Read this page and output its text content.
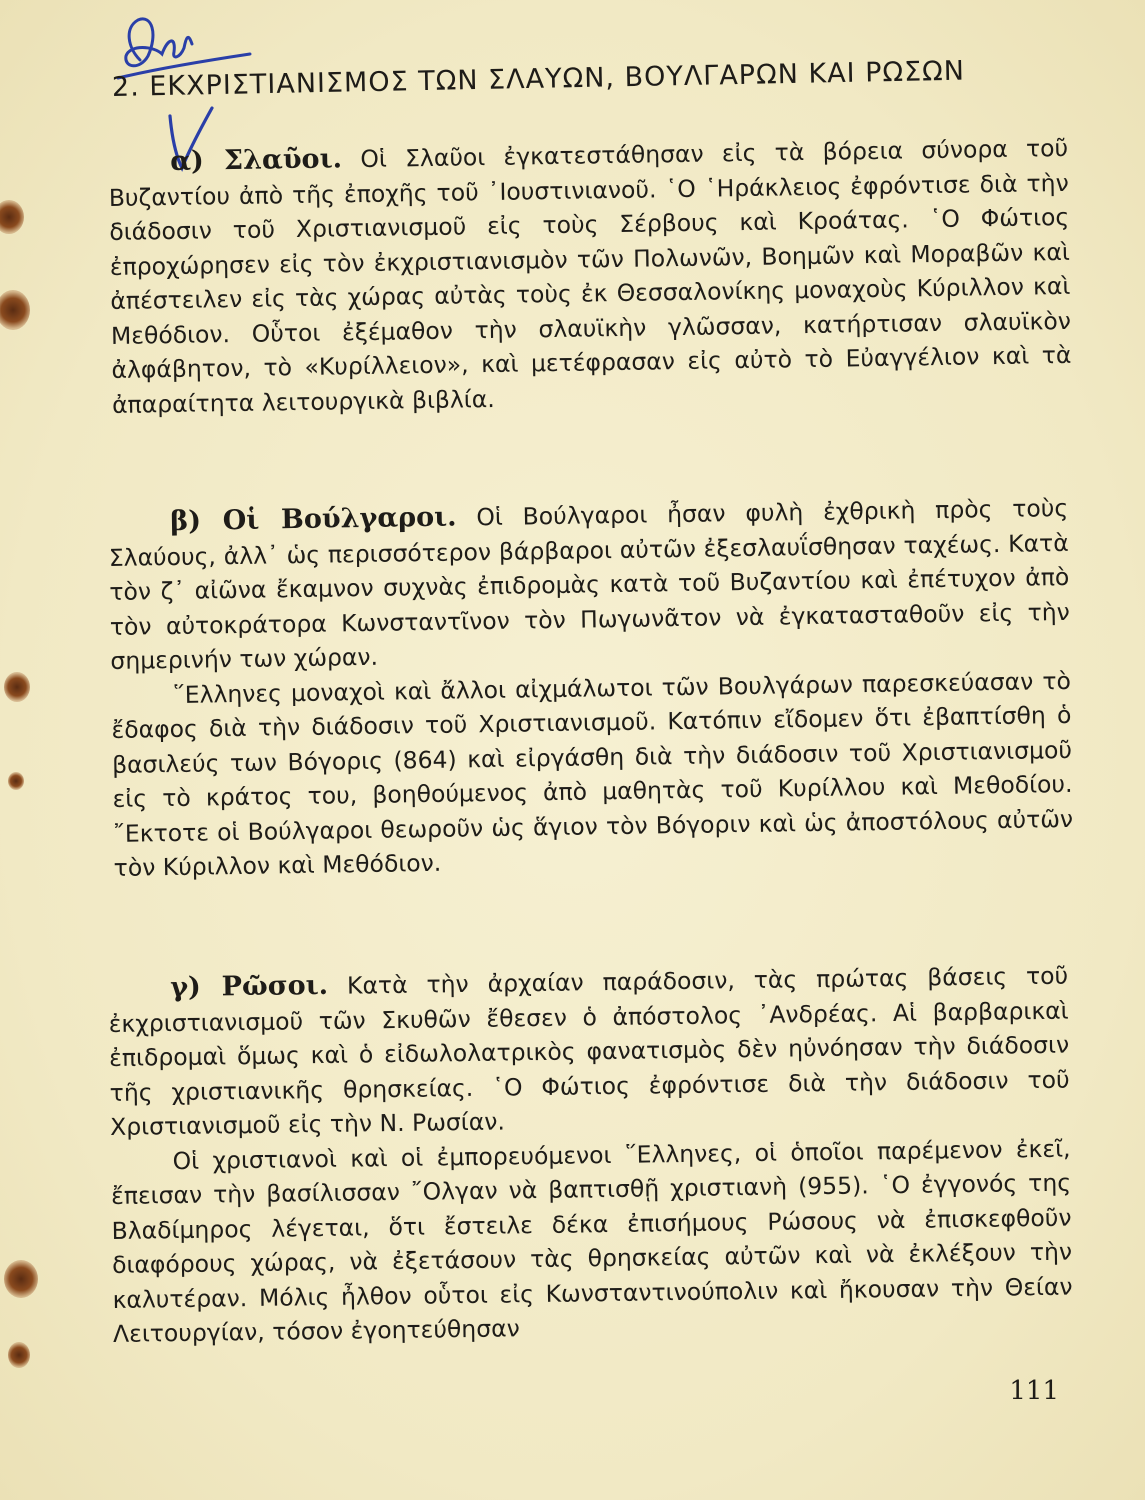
2. ΕΚΧΡΙΣΤΙΑΝΙΣΜΟΣ ΤΩΝ ΣΛΑΥΩΝ, ΒΟΥΛΓΑΡΩΝ ΚΑΙ ΡΩΣΩΝ

α) Σλαῦοι. Οἱ Σλαῦοι ἐγκατεστάθησαν εἰς τὰ βόρεια σύνορα τοῦ Βυζαντίου ἀπὸ τῆς ἐποχῆς τοῦ ᾿Ιουστινιανοῦ. ῾Ο ῾Ηράκλειος ἐφρόντισε διὰ τὴν διάδοσιν τοῦ Χριστιανισμοῦ εἰς τοὺς Σέρβους καὶ Κροάτας. ῾Ο Φώτιος ἐπροχώρησεν εἰς τὸν ἐκχριστιανισμὸν τῶν Πολωνῶν, Βοημῶν καὶ Μοραβῶν καὶ ἀπέστειλεν εἰς τὰς χώρας αὐτὰς τοὺς ἐκ Θεσσαλονίκης μοναχοὺς Κύριλλον καὶ Μεθόδιον. Οὗτοι ἐξέμαθον τὴν σλαυϊκὴν γλῶσσαν, κατήρτισαν σλαυϊκὸν ἀλφάβητον, τὸ «Κυρίλλειον», καὶ μετέφρασαν εἰς αὐτὸ τὸ Εὐαγγέλιον καὶ τὰ ἀπαραίτητα λειτουργικὰ βιβλία.

β) Οἱ Βούλγαροι. Οἱ Βούλγαροι ἦσαν φυλὴ ἐχθρικὴ πρὸς τοὺς Σλαύους, ἀλλ᾿ ὡς περισσότερον βάρβαροι αὐτῶν ἐξεσλαυΐσθησαν ταχέως. Κατὰ τὸν ζ᾿ αἰῶνα ἔκαμνον συχνὰς ἐπιδρομὰς κατὰ τοῦ Βυζαντίου καὶ ἐπέτυχον ἀπὸ τὸν αὐτοκράτορα Κωνσταντῖνον τὸν Πωγωνᾶτον νὰ ἐγκατασταθοῦν εἰς τὴν σημερινήν των χώραν.

῞Ελληνες μοναχοὶ καὶ ἄλλοι αἰχμάλωτοι τῶν Βουλγάρων παρεσκεύασαν τὸ ἔδαφος διὰ τὴν διάδοσιν τοῦ Χριστιανισμοῦ. Κατόπιν εἴδομεν ὅτι ἐβαπτίσθη ὁ βασιλεύς των Βόγορις (864) καὶ εἰργάσθη διὰ τὴν διάδοσιν τοῦ Χριστιανισμοῦ εἰς τὸ κράτος του, βοηθούμενος ἀπὸ μαθητὰς τοῦ Κυρίλλου καὶ Μεθοδίου. ῎Εκτοτε οἱ Βούλγαροι θεωροῦν ὡς ἅγιον τὸν Βόγοριν καὶ ὡς ἀποστόλους αὐτῶν τὸν Κύριλλον καὶ Μεθόδιον.

γ) Ρῶσοι. Κατὰ τὴν ἀρχαίαν παράδοσιν, τὰς πρώτας βάσεις τοῦ ἐκχριστιανισμοῦ τῶν Σκυθῶν ἔθεσεν ὁ ἀπόστολος ᾿Ανδρέας. Αἱ βαρβαρικαὶ ἐπιδρομαὶ ὅμως καὶ ὁ εἰδωλολατρικὸς φανατισμὸς δὲν ηὐνόησαν τὴν διάδοσιν τῆς χριστιανικῆς θρησκείας. ῾Ο Φώτιος ἐφρόντισε διὰ τὴν διάδοσιν τοῦ Χριστιανισμοῦ εἰς τὴν Ν. Ρωσίαν.

Οἱ χριστιανοὶ καὶ οἱ ἐμπορευόμενοι ῞Ελληνες, οἱ ὁποῖοι παρέμενον ἐκεῖ, ἔπεισαν τὴν βασίλισσαν ῎Ολγαν νὰ βαπτισθῇ χριστιανὴ (955). ῾Ο ἐγγονός της Βλαδίμηρος λέγεται, ὅτι ἔστειλε δέκα ἐπισήμους Ρώσους νὰ ἐπισκεφθοῦν διαφόρους χώρας, νὰ ἐξετάσουν τὰς θρησκείας αὐτῶν καὶ νὰ ἐκλέξουν τὴν καλυτέραν. Μόλις ἦλθον οὗτοι εἰς Κωνσταντινούπολιν καὶ ἤκουσαν τὴν Θείαν Λειτουργίαν, τόσον ἐγοητεύθησαν

111
